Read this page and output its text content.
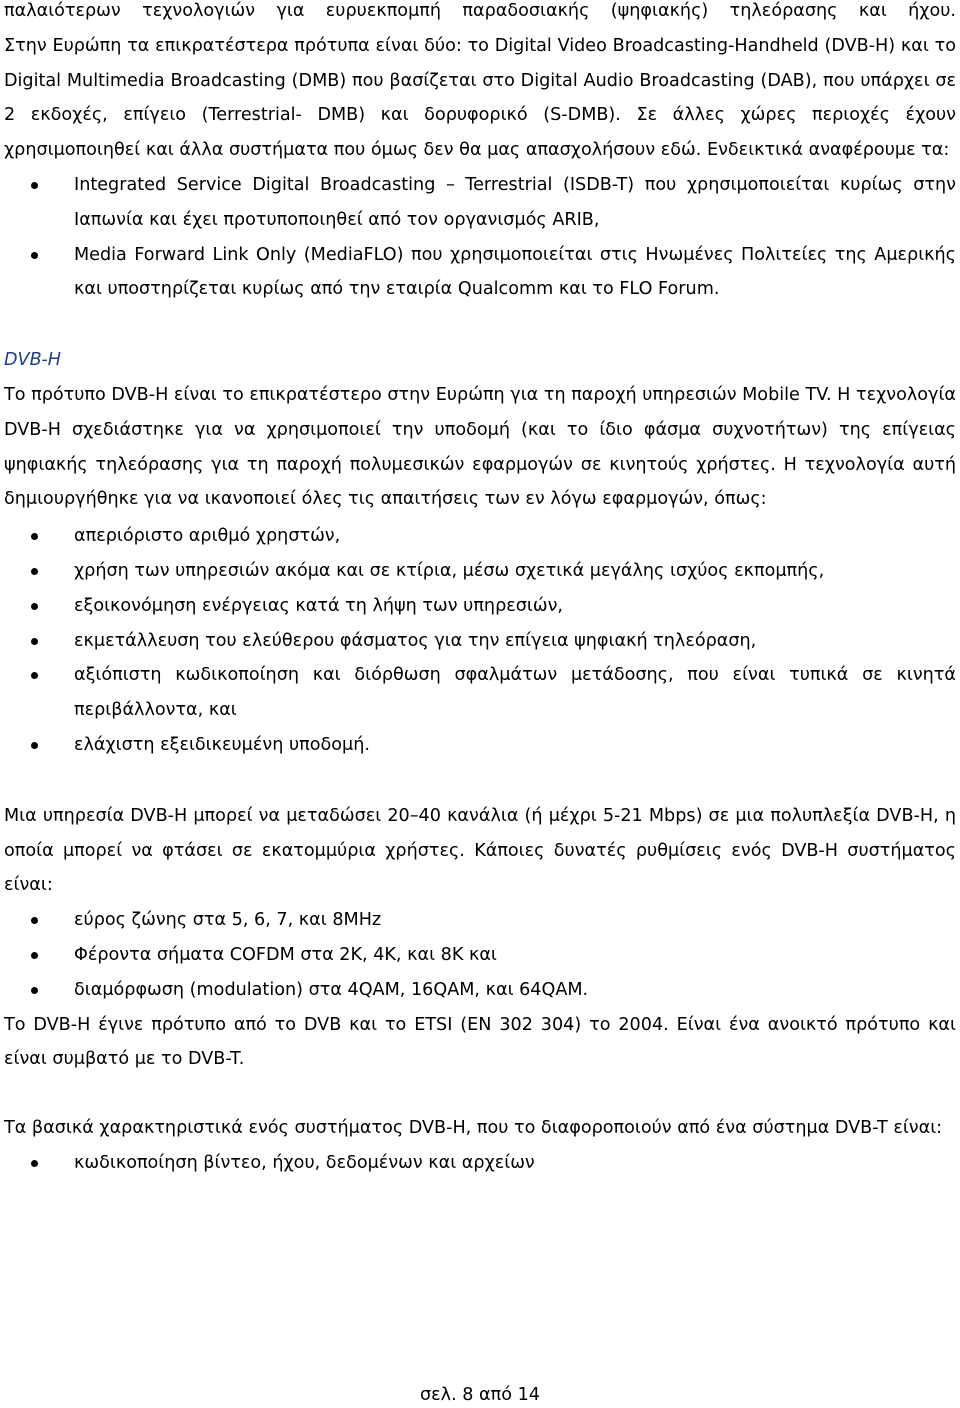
παλαιότερων τεχνολογιών για ευρυεκπομπή παραδοσιακής (ψηφιακής) τηλεόρασης και ήχου.

Στην Ευρώπη τα επικρατέστερα πρότυπα είναι δύο: το Digital Video Broadcasting-Handheld (DVB-H) και το Digital Multimedia Broadcasting (DMB) που βασίζεται στο Digital Audio Broadcasting (DAB), που υπάρχει σε 2 εκδοχές, επίγειο (Terrestrial- DMB) και δορυφορικό (S-DMB). Σε άλλες χώρες περιοχές έχουν χρησιμοποιηθεί και άλλα συστήματα που όμως δεν θα μας απασχολήσουν εδώ. Ενδεικτικά αναφέρουμε τα:

Integrated Service Digital Broadcasting – Terrestrial (ISDB-T) που χρησιμοποιείται κυρίως στην Ιαπωνία και έχει προτυποποιηθεί από τον οργανισμός ARIB,
Media Forward Link Only (MediaFLO) που χρησιμοποιείται στις Ηνωμένες Πολιτείες της Αμερικής και υποστηρίζεται κυρίως από την εταιρία Qualcomm και το FLO Forum.
DVB-H

Το πρότυπο DVB-H είναι το επικρατέστερο στην Ευρώπη για τη παροχή υπηρεσιών Mobile TV. Η τεχνολογία DVB-H σχεδιάστηκε για να χρησιμοποιεί την υποδομή (και το ίδιο φάσμα συχνοτήτων) της επίγειας ψηφιακής τηλεόρασης για τη παροχή πολυμεσικών εφαρμογών σε κινητούς χρήστες. Η τεχνολογία αυτή δημιουργήθηκε για να ικανοποιεί όλες τις απαιτήσεις των εν λόγω εφαρμογών, όπως:

απεριόριστο αριθμό χρηστών,
χρήση των υπηρεσιών ακόμα και σε κτίρια, μέσω σχετικά μεγάλης ισχύος εκπομπής,
εξοικονόμηση ενέργειας κατά τη λήψη των υπηρεσιών,
εκμετάλλευση του ελεύθερου φάσματος για την επίγεια ψηφιακή τηλεόραση,
αξιόπιστη κωδικοποίηση και διόρθωση σφαλμάτων μετάδοσης, που είναι τυπικά σε κινητά περιβάλλοντα, και
ελάχιστη εξειδικευμένη υποδομή.

Μια υπηρεσία DVB-H μπορεί να μεταδώσει 20–40 κανάλια (ή μέχρι 5-21 Mbps) σε μια πολυπλεξία DVB-H, η οποία μπορεί να φτάσει σε εκατομμύρια χρήστες. Κάποιες δυνατές ρυθμίσεις ενός DVB-H συστήματος είναι:

εύρος ζώνης στα 5, 6, 7, και 8MHz
Φέροντα σήματα COFDM στα 2K, 4K, και 8K και
διαμόρφωση (modulation) στα 4QAM, 16QAM, και 64QAM.

Το DVB-H έγινε πρότυπο από το DVB και το ETSI (EN 302 304) το 2004. Είναι ένα ανοικτό πρότυπο και είναι συμβατό με το DVB-T.

Τα βασικά χαρακτηριστικά ενός συστήματος DVB-H, που το διαφοροποιούν από ένα σύστημα DVB-T είναι:

κωδικοποίηση βίντεο, ήχου, δεδομένων και αρχείων
σελ. 8 από 14
